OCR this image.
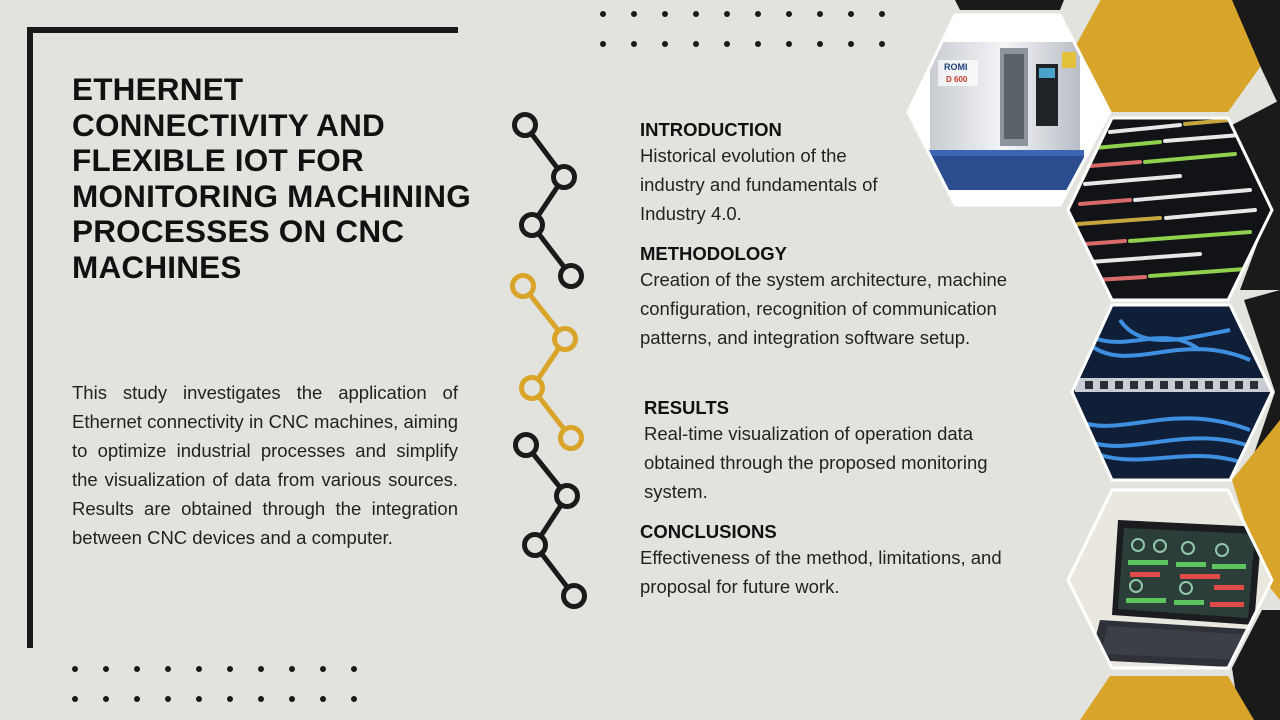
ETHERNET CONNECTIVITY AND FLEXIBLE IOT FOR MONITORING MACHINING PROCESSES ON CNC MACHINES

This study investigates the application of Ethernet connectivity in CNC machines, aiming to optimize industrial processes and simplify the visualization of data from various sources. Results are obtained through the integration between CNC devices and a computer.

INTRODUCTION

Historical evolution of the industry and fundamentals of Industry 4.0.

METHODOLOGY

Creation of the system architecture, machine configuration, recognition of communication patterns, and integration software setup.

RESULTS

Real-time visualization of operation data obtained through the proposed monitoring system.

CONCLUSIONS

Effectiveness of the method, limitations, and proposal for future work.

ROMI
D 600
